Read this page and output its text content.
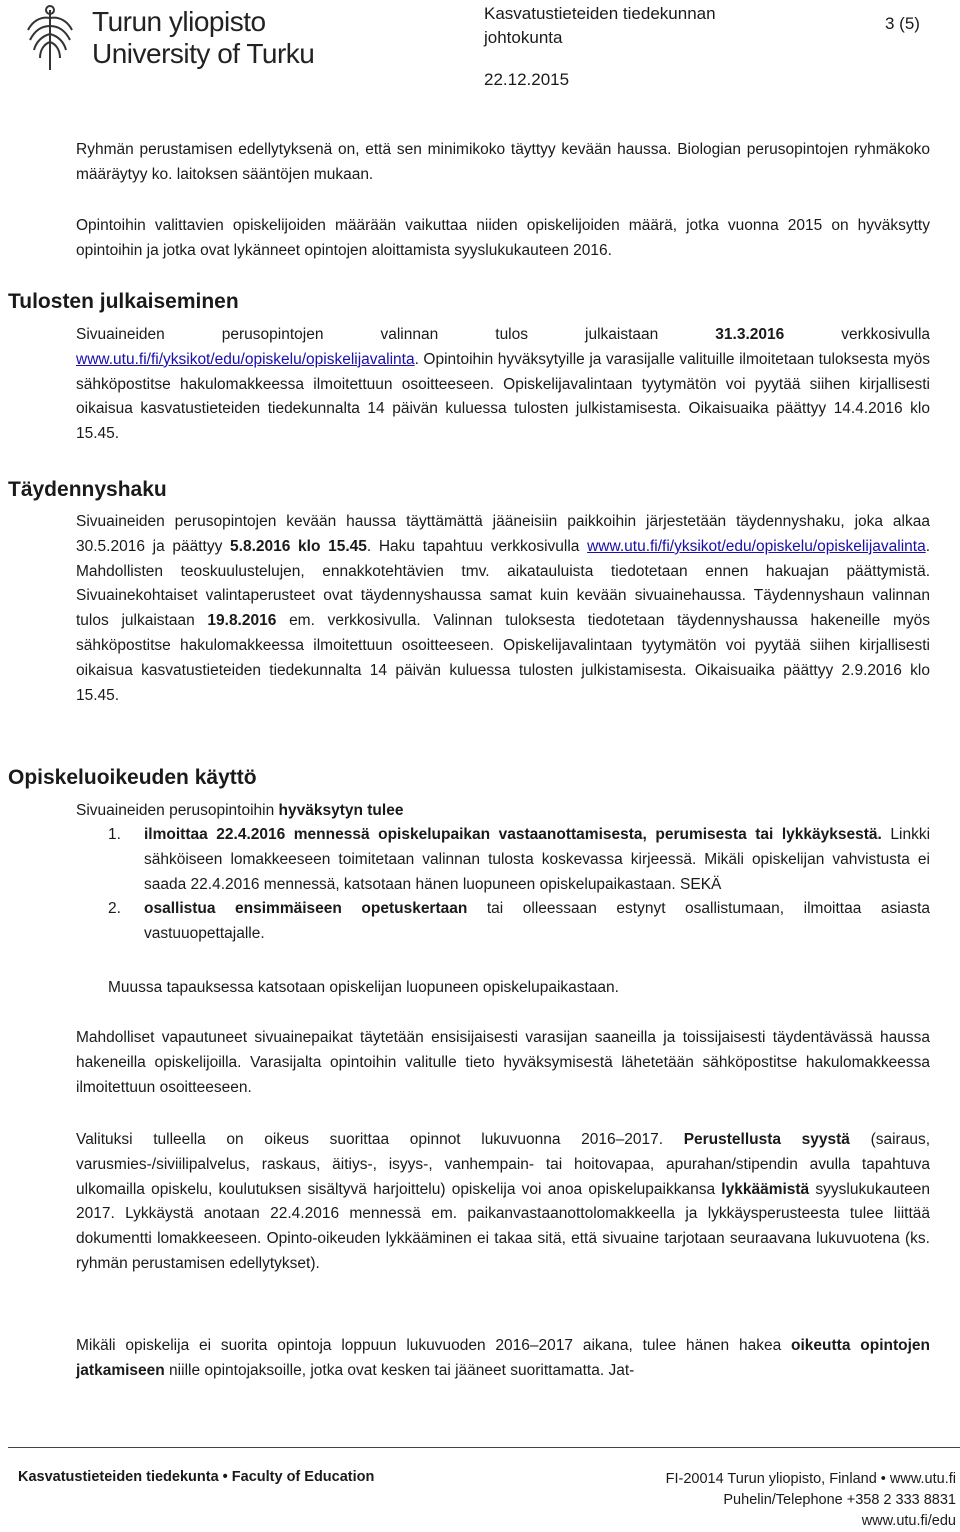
Turun yliopisto
University of Turku
Kasvatustieteiden tiedekunnan johtokunta
3 (5)
22.12.2015
Ryhmän perustamisen edellytyksenä on, että sen minimikoko täyttyy kevään haussa. Biologian perusopintojen ryhmäkoko määräytyy ko. laitoksen sääntöjen mukaan.
Opintoihin valittavien opiskelijoiden määrään vaikuttaa niiden opiskelijoiden määrä, jotka vuonna 2015 on hyväksytty opintoihin ja jotka ovat lykänneet opintojen aloittamista syyslukukauteen 2016.
Tulosten julkaiseminen
Sivuaineiden perusopintojen valinnan tulos julkaistaan 31.3.2016 verkkosivulla www.utu.fi/fi/yksikot/edu/opiskelu/opiskelijavalinta. Opintoihin hyväksytyille ja varasijalle valituille ilmoitetaan tuloksesta myös sähköpostitse hakulomakkeessa ilmoitettuun osoitteeseen. Opiskelijavalintaan tyytymätön voi pyytää siihen kirjallisesti oikaisua kasvatustieteiden tiedekunnalta 14 päivän kuluessa tulosten julkistamisesta. Oikaisuaika päättyy 14.4.2016 klo 15.45.
Täydennyshaku
Sivuaineiden perusopintojen kevään haussa täyttämättä jääneisiin paikkoihin järjestetään täydennyshaku, joka alkaa 30.5.2016 ja päättyy 5.8.2016 klo 15.45. Haku tapahtuu verkkosivulla www.utu.fi/fi/yksikot/edu/opiskelu/opiskelijavalinta. Mahdollisten teoskuulustelujen, ennakkotehtävien tmv. aikatauluista tiedotetaan ennen hakuajan päättymistä. Sivuainekohtaiset valintaperusteet ovat täydennyshaussa samat kuin kevään sivuainehaussa. Täydennyshaun valinnan tulos julkaistaan 19.8.2016 em. verkkosivulla. Valinnan tuloksesta tiedotetaan täydennyshaussa hakeneille myös sähköpostitse hakulomakkeessa ilmoitettuun osoitteeseen. Opiskelijavalintaan tyytymätön voi pyytää siihen kirjallisesti oikaisua kasvatustieteiden tiedekunnalta 14 päivän kuluessa tulosten julkistamisesta. Oikaisuaika päättyy 2.9.2016 klo 15.45.
Opiskeluoikeuden käyttö
Sivuaineiden perusopintoihin hyväksytyn tulee
1. ilmoittaa 22.4.2016 mennessä opiskelupaikan vastaanottamisesta, perumisesta tai lykkäyksestä. Linkki sähköiseen lomakkeeseen toimitetaan valinnan tulosta koskevassa kirjeessä. Mikäli opiskelijan vahvistusta ei saada 22.4.2016 mennessä, katsotaan hänen luopuneen opiskelupaikastaan. SEKÄ
2. osallistua ensimmäiseen opetuskertaan tai olleessaan estynyt osallistumaan, ilmoittaa asiasta vastuuopettajalle.
Muussa tapauksessa katsotaan opiskelijan luopuneen opiskelupaikastaan.
Mahdolliset vapautuneet sivuainepaikat täytetään ensisijaisesti varasijan saaneilla ja toissijaisesti täydentävässä haussa hakeneilla opiskelijoilla. Varasijalta opintoihin valitulle tieto hyväksymisestä lähetetään sähköpostitse hakulomakkeessa ilmoitettuun osoitteeseen.
Valituksi tulleella on oikeus suorittaa opinnot lukuvuonna 2016–2017. Perustellusta syystä (sairaus, varusmies-/siviilipalvelus, raskaus, äitiys-, isyys-, vanhempain- tai hoitovapaa, apurahan/stipendin avulla tapahtuva ulkomailla opiskelu, koulutuksen sisältyvä harjoittelu) opiskelija voi anoa opiskelupaikkansa lykkäämistä syyslukukauteen 2017. Lykkäystä anotaan 22.4.2016 mennessä em. paikanvastaanottolomakkeella ja lykkäysperusteesta tulee liittää dokumentti lomakkeeseen. Opinto-oikeuden lykkääminen ei takaa sitä, että sivuaine tarjotaan seuraavana lukuvuotena (ks. ryhmän perustamisen edellytykset).
Mikäli opiskelija ei suorita opintoja loppuun lukuvuoden 2016–2017 aikana, tulee hänen hakea oikeutta opintojen jatkamiseen niille opintojaksoille, jotka ovat kesken tai jääneet suorittamatta. Jat-
Kasvatustieteiden tiedekunta • Faculty of Education	FI-20014 Turun yliopisto, Finland • www.utu.fi
Puhelin/Telephone +358 2 333 8831
www.utu.fi/edu
